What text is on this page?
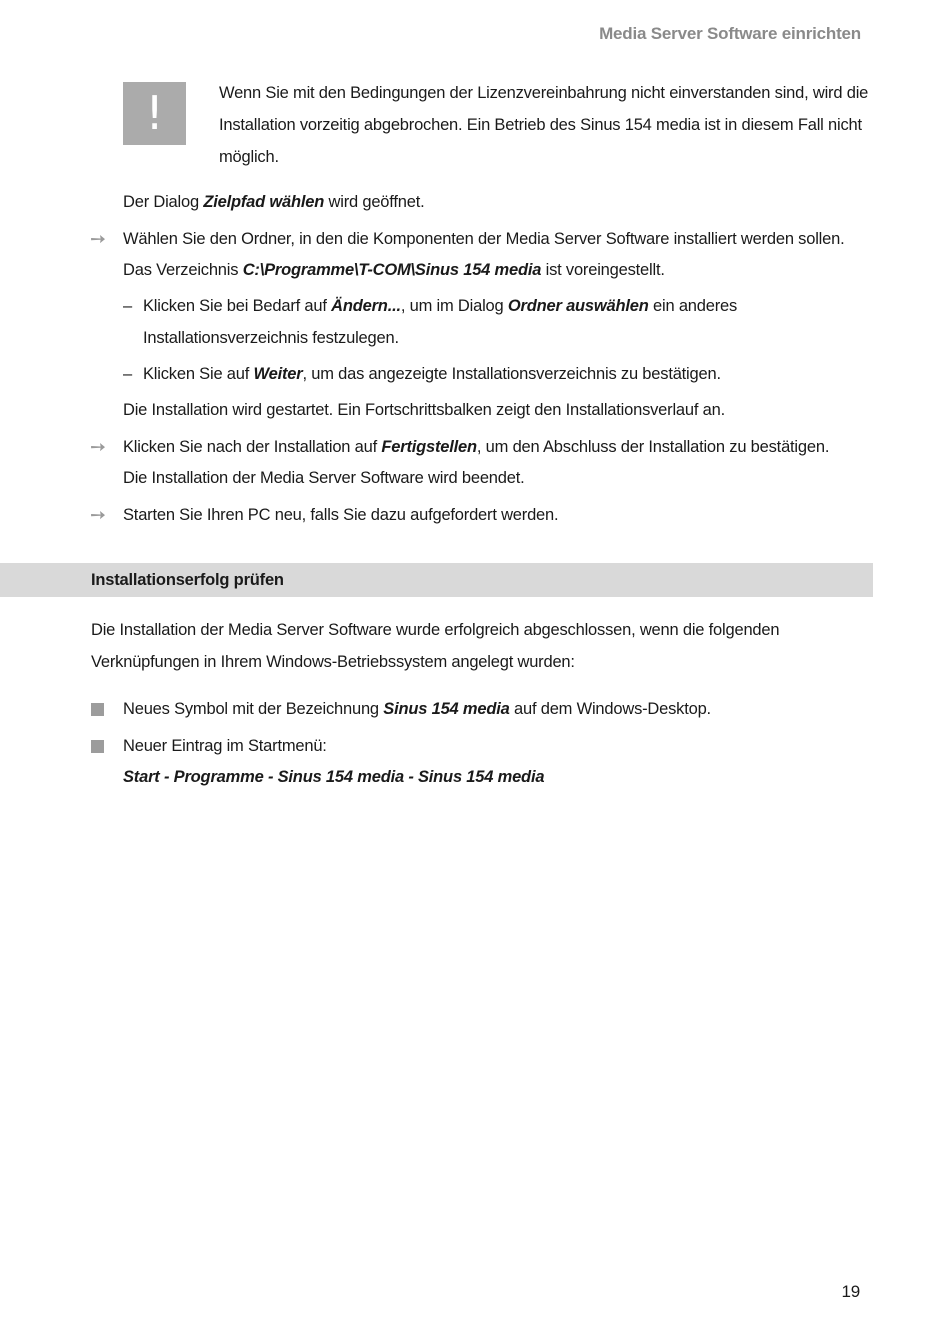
Media Server Software einrichten
!	Wenn Sie mit den Bedingungen der Lizenzvereinbahrung nicht einverstanden sind, wird die Installation vorzeitig abgebrochen. Ein Betrieb des Sinus 154 media ist in diesem Fall nicht möglich.
Der Dialog Zielpfad wählen wird geöffnet.
➙ Wählen Sie den Ordner, in den die Komponenten der Media Server Software installiert werden sollen.
Das Verzeichnis C:\Programme\T-COM\Sinus 154 media ist voreingestellt.
– Klicken Sie bei Bedarf auf Ändern..., um im Dialog Ordner auswählen ein anderes
Installationsverzeichnis festzulegen.
– Klicken Sie auf Weiter, um das angezeigte Installationsverzeichnis zu bestätigen.
Die Installation wird gestartet. Ein Fortschrittsbalken zeigt den Installationsverlauf an.
➙ Klicken Sie nach der Installation auf Fertigstellen, um den Abschluss der Installation zu bestätigen.
Die Installation der Media Server Software wird beendet.
➙ Starten Sie Ihren PC neu, falls Sie dazu aufgefordert werden.
Installationserfolg prüfen
Die Installation der Media Server Software wurde erfolgreich abgeschlossen, wenn die folgenden Verknüpfungen in Ihrem Windows-Betriebssystem angelegt wurden:
Neues Symbol mit der Bezeichnung Sinus 154 media auf dem Windows-Desktop.
Neuer Eintrag im Startmenü:
Start - Programme - Sinus 154 media - Sinus 154 media
19
